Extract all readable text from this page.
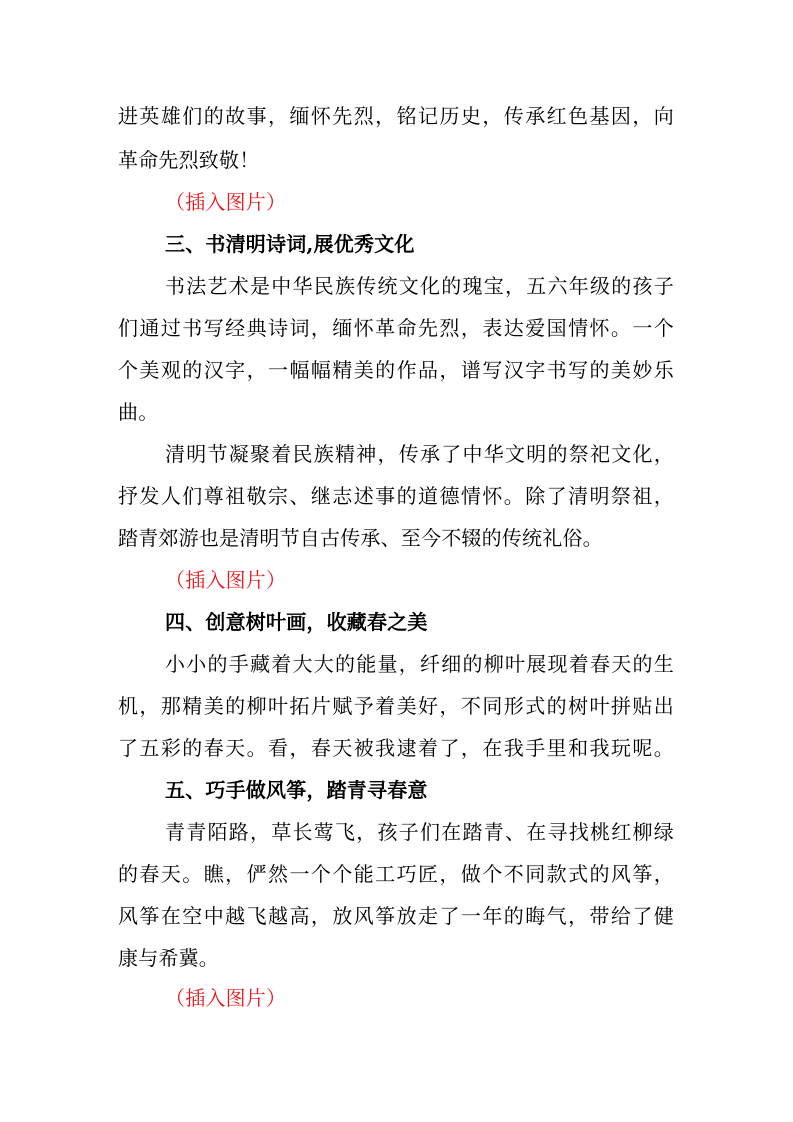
进英雄们的故事，缅怀先烈，铭记历史，传承红色基因，向
革命先烈致敬！
（插入图片）
三、书清明诗词,展优秀文化
书法艺术是中华民族传统文化的瑰宝，五六年级的孩子
们通过书写经典诗词，缅怀革命先烈，表达爱国情怀。一个
个美观的汉字，一幅幅精美的作品，谱写汉字书写的美妙乐
曲。
清明节凝聚着民族精神，传承了中华文明的祭祀文化，
抒发人们尊祖敬宗、继志述事的道德情怀。除了清明祭祖，
踏青郊游也是清明节自古传承、至今不辍的传统礼俗。
（插入图片）
四、创意树叶画，收藏春之美
小小的手藏着大大的能量，纤细的柳叶展现着春天的生
机，那精美的柳叶拓片赋予着美好，不同形式的树叶拼贴出
了五彩的春天。看，春天被我逮着了，在我手里和我玩呢。
五、巧手做风筝，踏青寻春意
青青陌路，草长莺飞，孩子们在踏青、在寻找桃红柳绿
的春天。瞧，俨然一个个能工巧匠，做个不同款式的风筝，
风筝在空中越飞越高，放风筝放走了一年的晦气，带给了健
康与希冀。
（插入图片）
